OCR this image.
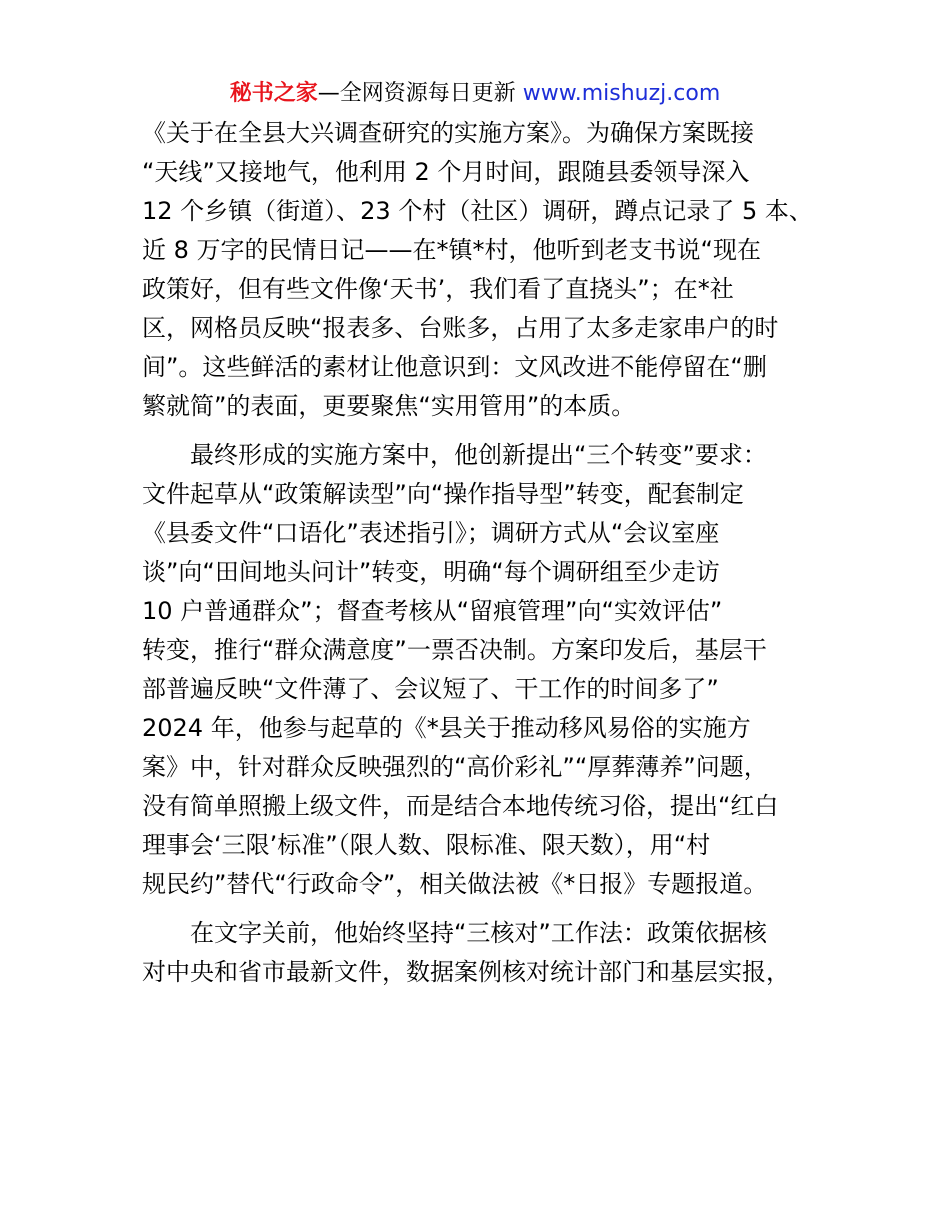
秘书之家—全网资源每日更新 www.mishuzj.com

《关于在全县大兴调查研究的实施方案》。为确保方案既接
“天线”又接地气，他利用 2 个月时间，跟随县委领导深入
12 个乡镇（街道）、23 个村（社区）调研，蹲点记录了 5 本、
近 8 万字的民情日记——在*镇*村，他听到老支书说“现在
政策好，但有些文件像‘天书’，我们看了直挠头”；在*社
区，网格员反映“报表多、台账多，占用了太多走家串户的时
间”。这些鲜活的素材让他意识到：文风改进不能停留在“删
繁就简”的表面，更要聚焦“实用管用”的本质。

最终形成的实施方案中，他创新提出“三个转变”要求：
文件起草从“政策解读型”向“操作指导型”转变，配套制定
《县委文件“口语化”表述指引》；调研方式从“会议室座
谈”向“田间地头问计”转变，明确“每个调研组至少走访
10 户普通群众”；督查考核从“留痕管理”向“实效评估”
转变，推行“群众满意度”一票否决制。方案印发后，基层干
部普遍反映“文件薄了、会议短了、干工作的时间多了”
2024 年，他参与起草的《*县关于推动移风易俗的实施方
案》中，针对群众反映强烈的“高价彩礼”“厚葬薄养”问题，
没有简单照搬上级文件，而是结合本地传统习俗，提出“红白
理事会‘三限’标准”（限人数、限标准、限天数），用“村
规民约”替代“行政命令”，相关做法被《*日报》专题报道。

在文字关前，他始终坚持“三核对”工作法：政策依据核
对中央和省市最新文件，数据案例核对统计部门和基层实报，
